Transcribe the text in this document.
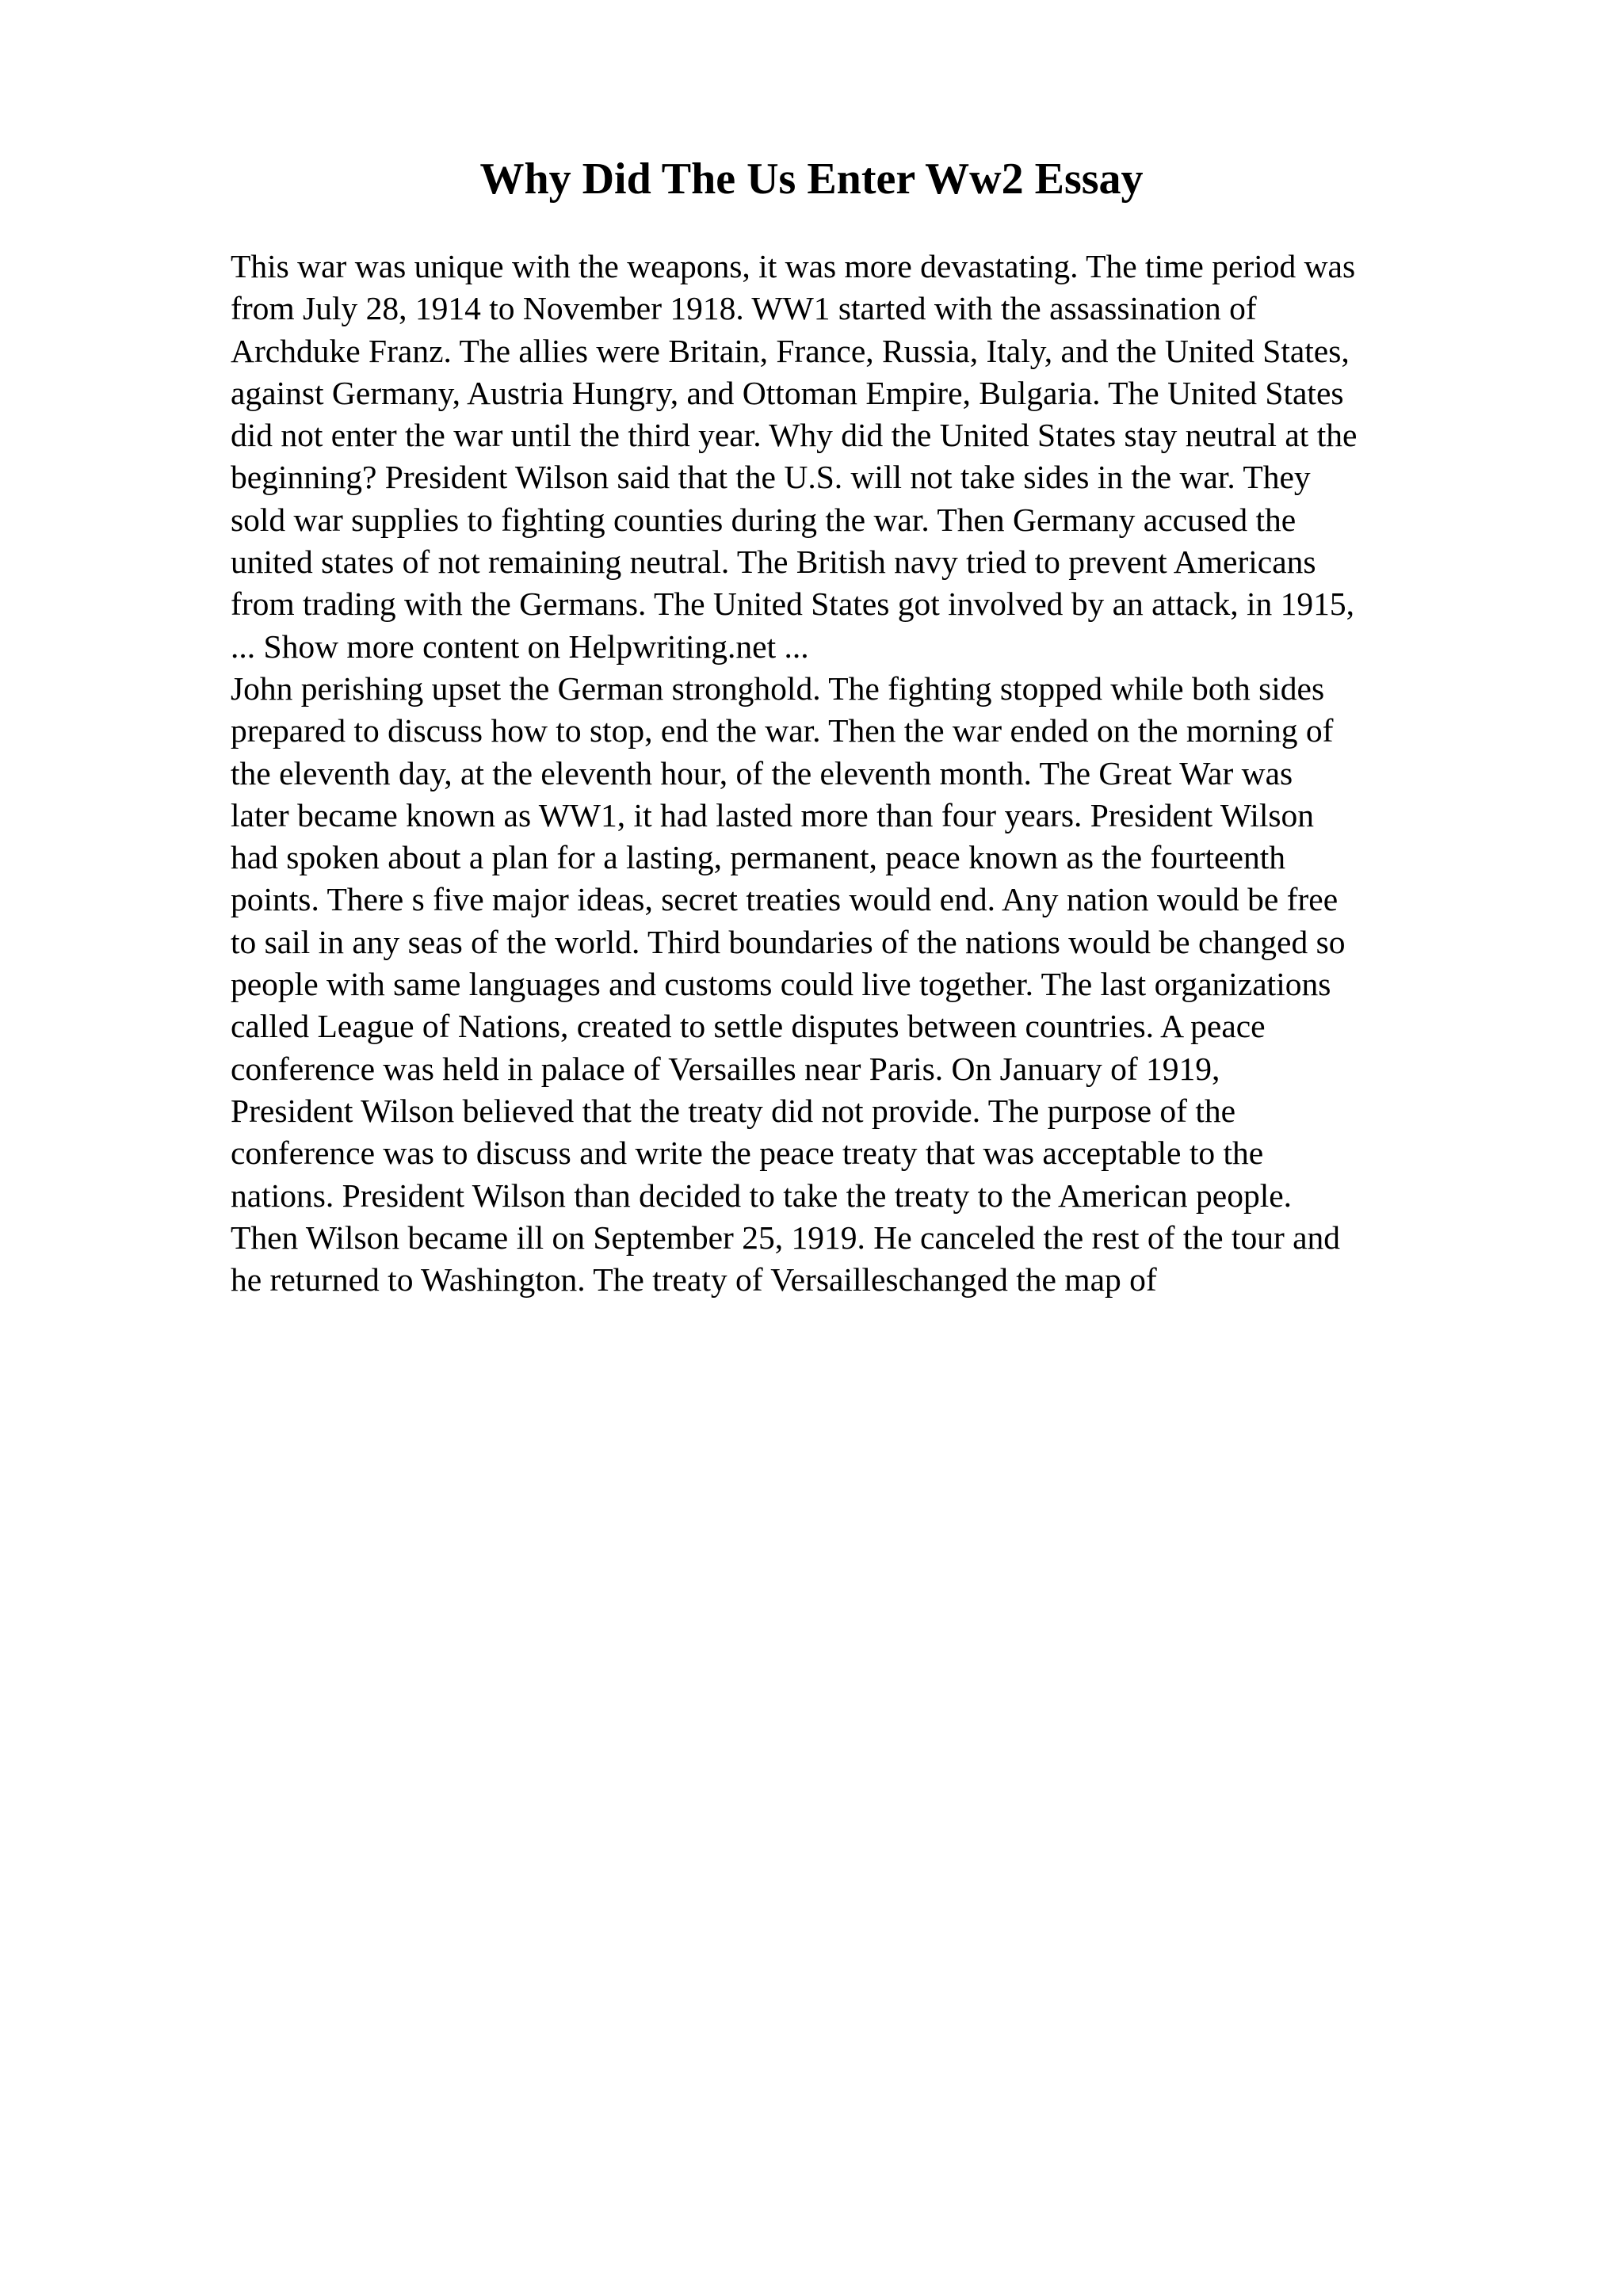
Why Did The Us Enter Ww2 Essay
This war was unique with the weapons, it was more devastating. The time period was
from July 28, 1914 to November 1918. WW1 started with the assassination of
Archduke Franz. The allies were Britain, France, Russia, Italy, and the United States,
against Germany, Austria Hungry, and Ottoman Empire, Bulgaria. The United States
did not enter the war until the third year. Why did the United States stay neutral at the
beginning? President Wilson said that the U.S. will not take sides in the war. They
sold war supplies to fighting counties during the war. Then Germany accused the
united states of not remaining neutral. The British navy tried to prevent Americans
from trading with the Germans. The United States got involved by an attack, in 1915,
... Show more content on Helpwriting.net ...
John perishing upset the German stronghold. The fighting stopped while both sides
prepared to discuss how to stop, end the war. Then the war ended on the morning of
the eleventh day, at the eleventh hour, of the eleventh month. The Great War was
later became known as WW1, it had lasted more than four years. President Wilson
had spoken about a plan for a lasting, permanent, peace known as the fourteenth
points. There s five major ideas, secret treaties would end. Any nation would be free
to sail in any seas of the world. Third boundaries of the nations would be changed so
people with same languages and customs could live together. The last organizations
called League of Nations, created to settle disputes between countries. A peace
conference was held in palace of Versailles near Paris. On January of 1919,
President Wilson believed that the treaty did not provide. The purpose of the
conference was to discuss and write the peace treaty that was acceptable to the
nations. President Wilson than decided to take the treaty to the American people.
Then Wilson became ill on September 25, 1919. He canceled the rest of the tour and
he returned to Washington. The treaty of Versailleschanged the map of
